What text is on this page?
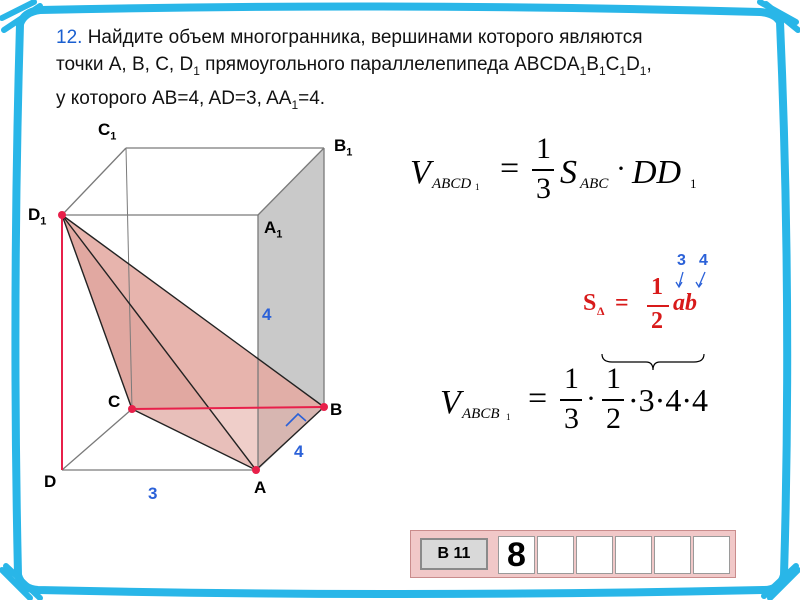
12. Найдите объем многогранника, вершинами которого являются
точки A, B, C, $D_1$ прямоугольного параллелепипеда $ABCDA_1B_1C_1D_1$,
у которого AB=4, AD=3, $AA_1=4$.
$C_1$	$B_1$
$D_1$	$A_1$
C	B
D	A
4
4
3
V ABCD 1 =
1
3 S ABC · DD 1
3 4
S Δ =
1
2
ab
V ABCB 1 =
1
3
·
1
2
·3·4·4
В 11	8
